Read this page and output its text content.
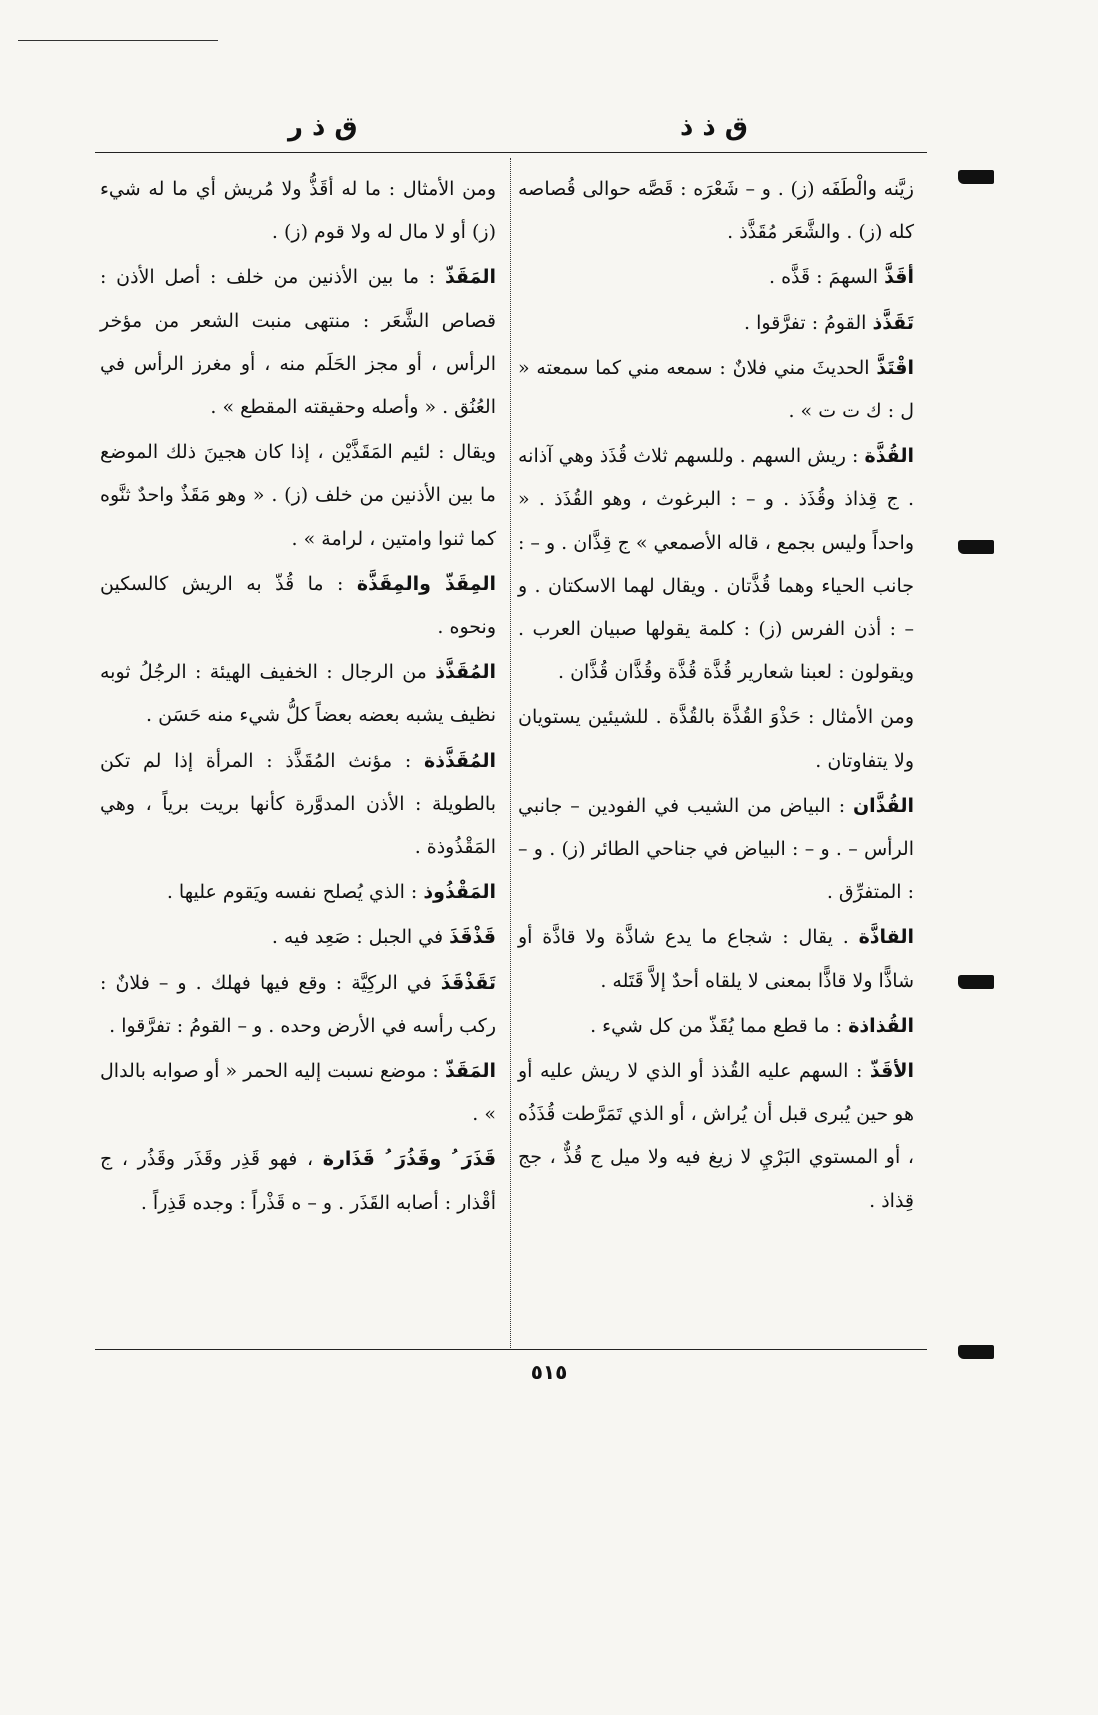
ق ذ ر	ق ذ ذ

زيَّنه والْطَفَه (ز) . و – شَعْرَه : قَصَّه حوالى قُصاصه كله (ز) . والشَّعَر مُقَذَّذ .

أقَذَّ السهمَ : قَذَّه .

تَقَذَّذ القومُ : تفرَّقوا .

اقْتَذَّ الحديثَ مني فلانٌ : سمعه مني كما سمعته « ل : ك ت ت » .

القُذَّة : ريش السهم . وللسهم ثلاث قُذَذ وهي آذانه . ج قِذاذ وقُذَذ . و – : البرغوث ، وهو القُذَذ . « واحداً وليس بجمع ، قاله الأصمعي » ج قِذَّان . و – : جانب الحياء وهما قُذَّتان . ويقال لهما الاسكتان . و – : أذن الفرس (ز) : كلمة يقولها صبيان العرب . ويقولون : لعبنا شعارير قُذَّة قُذَّة وقُذَّان قُذَّان .

ومن الأمثال : حَذْوَ القُذَّة بالقُذَّة . للشيئين يستويان ولا يتفاوتان .

القُذَّان : البياض من الشيب في الفودين – جانبي الرأس – . و – : البياض في جناحي الطائر (ز) . و – : المتفرِّق .

القاذَّة . يقال : شجاع ما يدع شاذَّة ولا قاذَّة أو شاذًّا ولا قاذًّا بمعنى لا يلقاه أحدٌ إلاَّ قَتَله .

القُذاذة : ما قطع مما يُقَذّ من كل شيء .

الأقَذّ : السهم عليه القُذذ أو الذي لا ريش عليه أو هو حين يُبرى قبل أن يُراش ، أو الذي تَمَرَّطت قُذَذُه ، أو المستوي البَرْيِ لا زيغ فيه ولا ميل ج قُذٌّ ، جج قِذاذ .

ومن الأمثال : ما له أقَذُّ ولا مُريش أي ما له شيء (ز) أو لا مال له ولا قوم (ز) .

المَقَذّ : ما بين الأذنين من خلف : أصل الأذن : قصاص الشَّعَر : منتهى منبت الشعر من مؤخر الرأس ، أو مجز الحَلَم منه ، أو مغرز الرأس في العُنُق . « وأصله وحقيقته المقطع » .

ويقال : لئيم المَقَذَّيْن ، إذا كان هجينَ ذلك الموضع ما بين الأذنين من خلف (ز) . « وهو مَقَذٌ واحدٌ ثنَّوه كما ثنوا وامتين ، لرامة » .

المِقَذّ والمِقَذَّة : ما قُذّ به الريش كالسكين ونحوه .

المُقَذَّذ من الرجال : الخفيف الهيئة : الرجُلُ ثوبه نظيف يشبه بعضه بعضاً كلُّ شيء منه حَسَن .

المُقَذَّذة : مؤنث المُقَذَّذ : المرأة إذا لم تكن بالطويلة : الأذن المدوَّرة كأنها بريت برياً ، وهي المَقْذُوذة .

المَقْذُوذ : الذي يُصلح نفسه ويَقوم عليها .

قَذْقَذَ في الجبل : صَعِد فيه .

تَقَذْقَذَ في الركِيَّة : وقع فيها فهلك . و – فلانٌ : ركب رأسه في الأرض وحده . و – القومُ : تفرَّقوا .

المَقَذّ : موضع نسبت إليه الحمر « أو صوابه بالدال » .

قَذَرَ ُ وقَذُرَ ُ قَذَارة ، فهو قَذِر وقَذَر وقَذُر ، ج أقْذار : أصابه القَذَر . و – ه قَذْراً : وجده قَذِراً .

٥١٥
